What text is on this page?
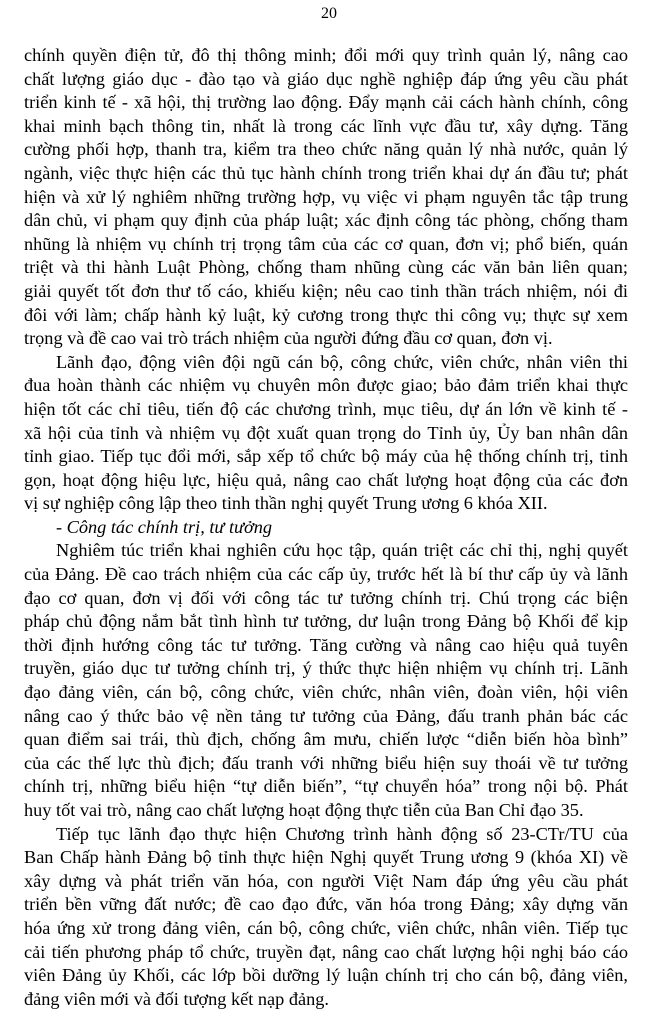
20
chính quyền điện tử, đô thị thông minh; đổi mới quy trình quản lý, nâng cao
chất lượng giáo dục - đào tạo và giáo dục nghề nghiệp đáp ứng yêu cầu phát
triển kinh tế - xã hội, thị trường lao động. Đẩy mạnh cải cách hành chính, công
khai minh bạch thông tin, nhất là trong các lĩnh vực đầu tư, xây dựng. Tăng
cường phối hợp, thanh tra, kiểm tra theo chức năng quản lý nhà nước, quản lý
ngành, việc thực hiện các thủ tục hành chính trong triển khai dự án đầu tư; phát
hiện và xử lý nghiêm những trường hợp, vụ việc vi phạm nguyên tắc tập trung
dân chủ, vi phạm quy định của pháp luật; xác định công tác phòng, chống tham
nhũng là nhiệm vụ chính trị trọng tâm của các cơ quan, đơn vị; phổ biến, quán
triệt và thi hành Luật Phòng, chống tham nhũng cùng các văn bản liên quan;
giải quyết tốt đơn thư tố cáo, khiếu kiện; nêu cao tinh thần trách nhiệm, nói đi
đôi với làm; chấp hành kỷ luật, kỷ cương trong thực thi công vụ; thực sự xem
trọng và đề cao vai trò trách nhiệm của người đứng đầu cơ quan, đơn vị.
Lãnh đạo, động viên đội ngũ cán bộ, công chức, viên chức, nhân viên thi
đua hoàn thành các nhiệm vụ chuyên môn được giao; bảo đảm triển khai thực
hiện tốt các chỉ tiêu, tiến độ các chương trình, mục tiêu, dự án lớn về kinh tế -
xã hội của tỉnh và nhiệm vụ đột xuất quan trọng do Tỉnh ủy, Ủy ban nhân dân
tỉnh giao. Tiếp tục đổi mới, sắp xếp tổ chức bộ máy của hệ thống chính trị, tinh
gọn, hoạt động hiệu lực, hiệu quả, nâng cao chất lượng hoạt động của các đơn
vị sự nghiệp công lập theo tinh thần nghị quyết Trung ương 6 khóa XII.
- Công tác chính trị, tư tưởng
Nghiêm túc triển khai nghiên cứu học tập, quán triệt các chỉ thị, nghị quyết
của Đảng. Đề cao trách nhiệm của các cấp ủy, trước hết là bí thư cấp ủy và lãnh
đạo cơ quan, đơn vị đối với công tác tư tưởng chính trị. Chú trọng các biện
pháp chủ động nắm bắt tình hình tư tưởng, dư luận trong Đảng bộ Khối để kịp
thời định hướng công tác tư tưởng. Tăng cường và nâng cao hiệu quả tuyên
truyền, giáo dục tư tưởng chính trị, ý thức thực hiện nhiệm vụ chính trị. Lãnh
đạo đảng viên, cán bộ, công chức, viên chức, nhân viên, đoàn viên, hội viên
nâng cao ý thức bảo vệ nền tảng tư tưởng của Đảng, đấu tranh phản bác các
quan điểm sai trái, thù địch, chống âm mưu, chiến lược “diễn biến hòa bình”
của các thế lực thù địch; đấu tranh với những biểu hiện suy thoái về tư tưởng
chính trị, những biểu hiện “tự diễn biến”, “tự chuyển hóa” trong nội bộ. Phát
huy tốt vai trò, nâng cao chất lượng hoạt động thực tiễn của Ban Chỉ đạo 35.
Tiếp tục lãnh đạo thực hiện Chương trình hành động số 23-CTr/TU của
Ban Chấp hành Đảng bộ tỉnh thực hiện Nghị quyết Trung ương 9 (khóa XI) về
xây dựng và phát triển văn hóa, con người Việt Nam đáp ứng yêu cầu phát
triển bền vững đất nước; đề cao đạo đức, văn hóa trong Đảng; xây dựng văn
hóa ứng xử trong đảng viên, cán bộ, công chức, viên chức, nhân viên. Tiếp tục
cải tiến phương pháp tổ chức, truyền đạt, nâng cao chất lượng hội nghị báo cáo
viên Đảng ủy Khối, các lớp bồi dưỡng lý luận chính trị cho cán bộ, đảng viên,
đảng viên mới và đối tượng kết nạp đảng.
